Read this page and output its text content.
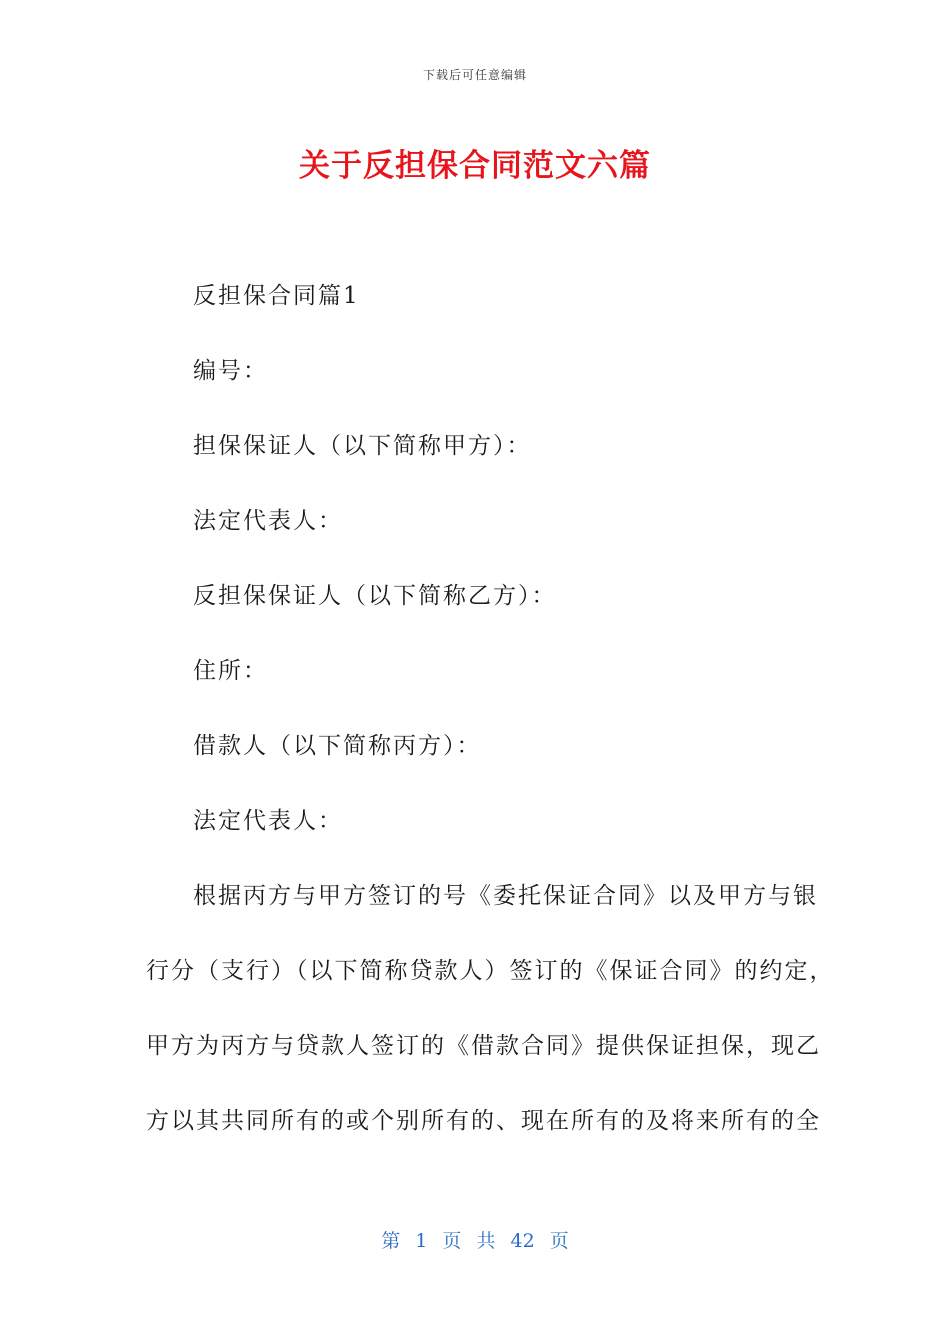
下载后可任意编辑
关于反担保合同范文六篇
反担保合同篇1
编号：
担保保证人（以下简称甲方）：
法定代表人：
反担保保证人（以下简称乙方）：
住所：
借款人（以下简称丙方）：
法定代表人：
根据丙方与甲方签订的号《委托保证合同》以及甲方与银
行分（支行）（以下简称贷款人）签订的《保证合同》的约定，
甲方为丙方与贷款人签订的《借款合同》提供保证担保，现乙
方以其共同所有的或个别所有的、现在所有的及将来所有的全
第 1 页 共 42 页
